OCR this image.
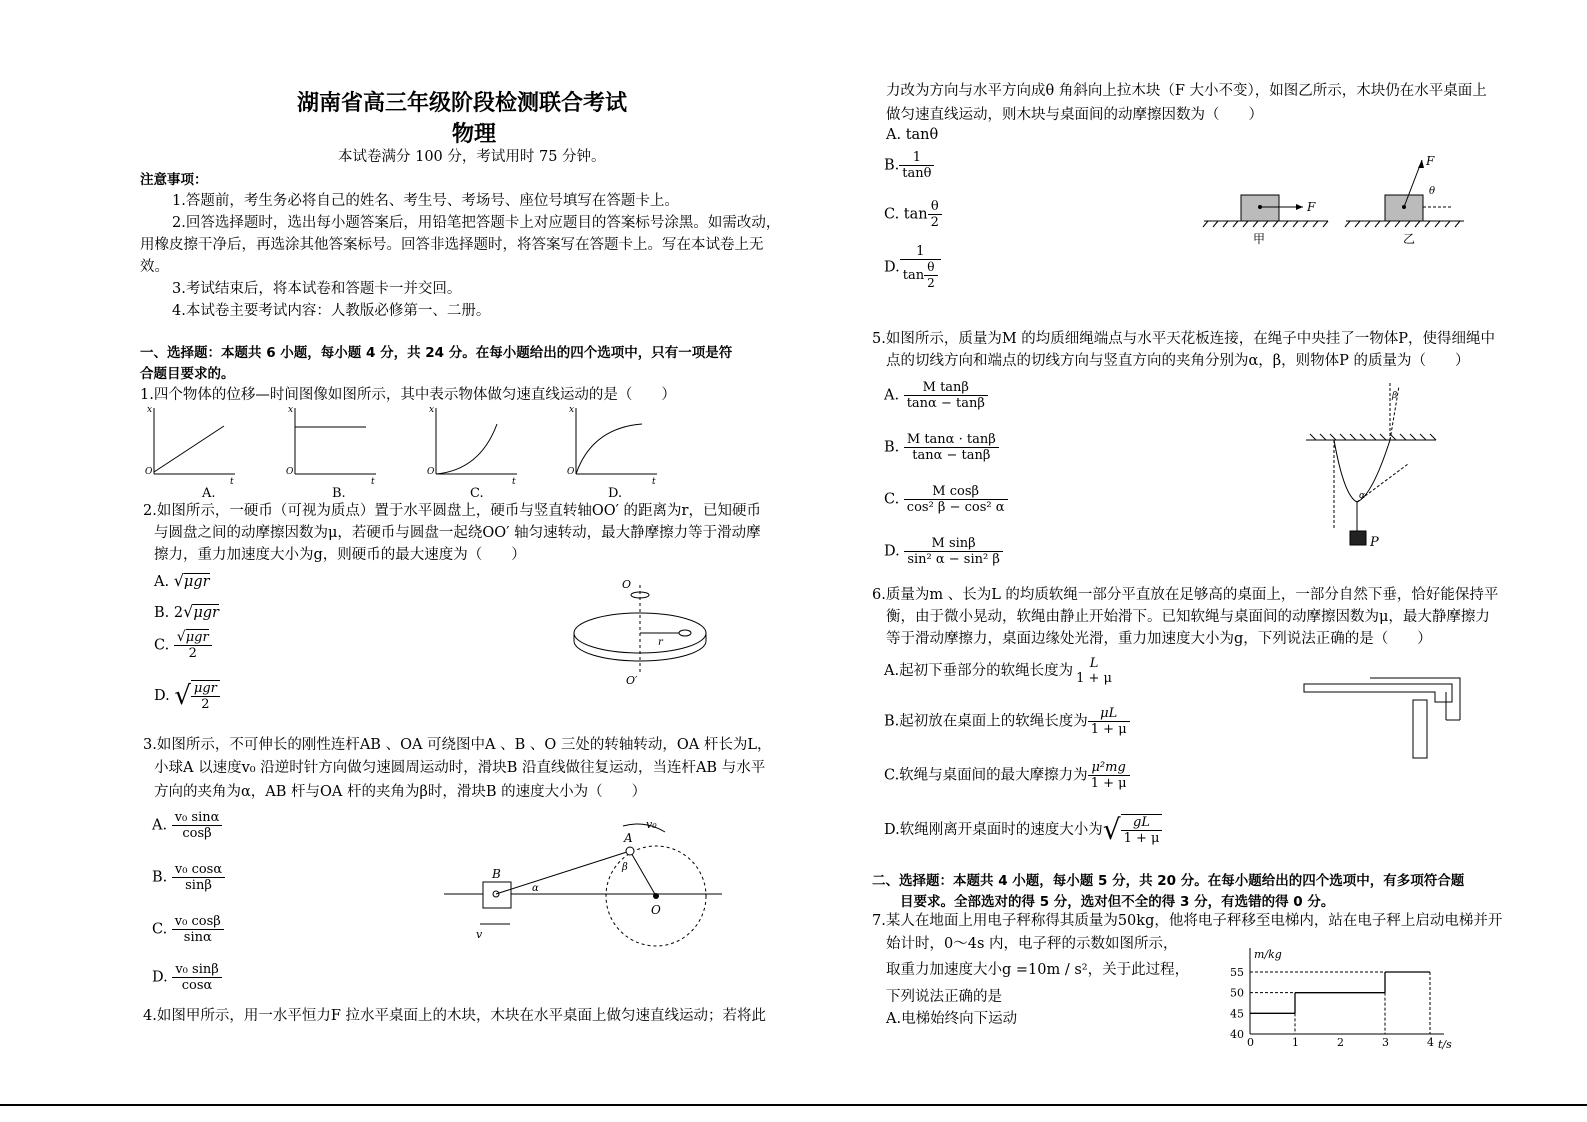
湖南省高三年级阶段检测联合考试
物理
本试卷满分 100 分，考试用时 75 分钟。
注意事项：
1.答题前，考生务必将自己的姓名、考生号、考场号、座位号填写在答题卡上。
2.回答选择题时，选出每小题答案后，用铅笔把答题卡上对应题目的答案标号涂黑。如需改动，
用橡皮擦干净后，再选涂其他答案标号。回答非选择题时，将答案写在答题卡上。写在本试卷上无
效。
3.考试结束后，将本试卷和答题卡一并交回。
4.本试卷主要考试内容：人教版必修第一、二册。
一、选择题：本题共 6 小题，每小题 4 分，共 24 分。在每小题给出的四个选项中，只有一项是符
合题目要求的。
1.四个物体的位移—时间图像如图所示，其中表示物体做匀速直线运动的是（　　）
x
t
O
x
t
O
x
t
O
x
t
O
A.	B.	C.	D.
2.如图所示，一硬币（可视为质点）置于水平圆盘上，硬币与竖直转轴OO′ 的距离为r，已知硬币
与圆盘之间的动摩擦因数为μ，若硬币与圆盘一起绕OO′ 轴匀速转动，最大静摩擦力等于滑动摩
擦力，重力加速度大小为g，则硬币的最大速度为（　　）
A. √μgr
B. 2√μgr
C. $\frac{\text{√μgr}}{2}$
D. √ $\frac{\text{μgr}}{2}$
O
O′
r
3.如图所示，不可伸长的刚性连杆AB 、OA 可绕图中A 、B 、O 三处的转轴转动，OA 杆长为L，
小球A 以速度v₀ 沿逆时针方向做匀速圆周运动时，滑块B 沿直线做往复运动，当连杆AB 与水平
方向的夹角为α，AB 杆与OA 杆的夹角为β时，滑块B 的速度大小为（　　）
A. $\frac{\text{v₀ sinα}}{\cos\beta}$
B. $\frac{\text{v₀ cosα}}{\sin\beta}$
C. $\frac{\text{v₀ cosβ}}{\sin\alpha}$
D. $\frac{\text{v₀ sinβ}}{\cos\alpha}$
B
A
O
v₀
v
α
β
4.如图甲所示，用一水平恒力F 拉水平桌面上的木块，木块在水平桌面上做匀速直线运动；若将此
力改为方向与水平方向成θ 角斜向上拉木块（F 大小不变），如图乙所示，木块仍在水平桌面上
做匀速直线运动，则木块与桌面间的动摩擦因数为（　　）
A. tanθ
B. $\frac{1}{\tan\theta}$
C. $\tan \frac{\theta}{2}$
D. $\frac{1}{\tan \frac{\theta}{2}}$
F
F
θ
甲	乙
5.如图所示，质量为M 的均质细绳端点与水平天花板连接，在绳子中央挂了一物体P，使得细绳中
点的切线方向和端点的切线方向与竖直方向的夹角分别为α，β，则物体P 的质量为（　　）
A. $\frac{\text{M tanβ}}{\tan\alpha - \tan\beta}$
B. $\frac{\text{M tanα · tanβ}}{\tan\alpha - \tan\beta}$
C. $\frac{\text{M cosβ}}{\text{cos² β − cos² α}}$
D. $\frac{\text{M sinβ}}{\text{sin² α − sin² β}}$	P
α
β
6.质量为m 、长为L 的均质软绳一部分平直放在足够高的桌面上，一部分自然下垂，恰好能保持平
衡，由于微小晃动，软绳由静止开始滑下。已知软绳与桌面间的动摩擦因数为μ，最大静摩擦力
等于滑动摩擦力，桌面边缘处光滑，重力加速度大小为g，下列说法正确的是（　　）
A.起初下垂部分的软绳长度为	L
1 + μ
B.起初放在桌面上的软绳长度为 $\frac{\mu L}{1 + \mu}$
C.软绳与桌面间的最大摩擦力为 $\frac{\text{μ²mg}}{1 + \mu}$
D.软绳刚离开桌面时的速度大小为√ $\frac{gL}{1 + \mu}$
二、选择题：本题共 4 小题，每小题 5 分，共 20 分。在每小题给出的四个选项中，有多项符合题
目要求。全部选对的得 5 分，选对但不全的得 3 分，有选错的得 0 分。
7.某人在地面上用电子秤称得其质量为50kg，他将电子秤移至电梯内，站在电子秤上启动电梯并开
始计时，0～4s 内，电子秤的示数如图所示，
取重力加速度大小g =10m / s²，关于此过程，
下列说法正确的是
A.电梯始终向下运动
m/kg
t/s
40
45
50
55
0	1	2	3	4
